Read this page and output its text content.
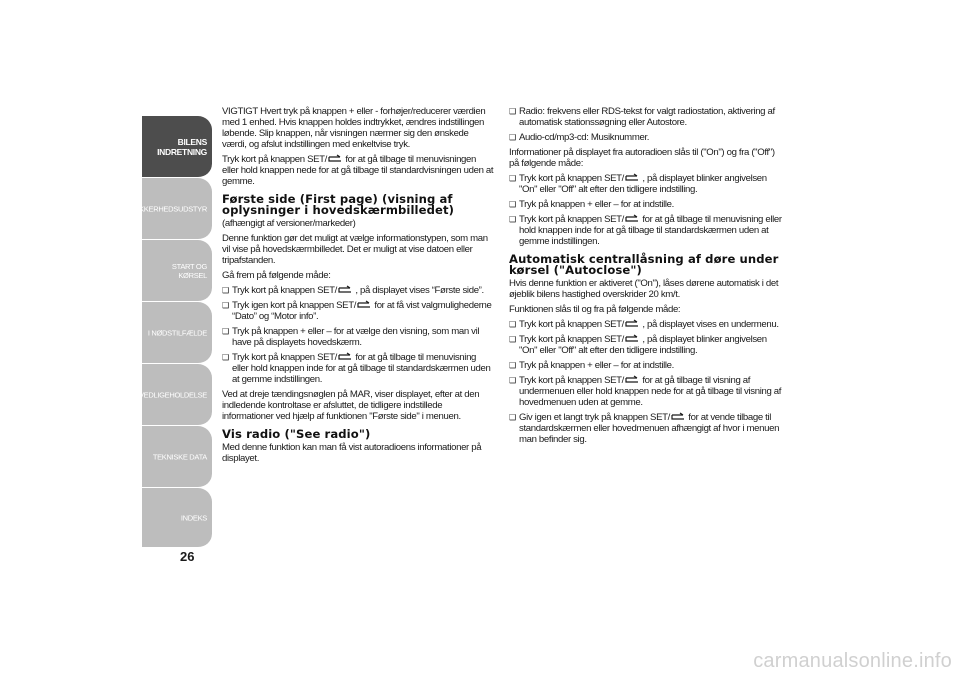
BILENS
INDRETNING
SIKKERHEDSUDSTYR
START OG KØRSEL
I NØDSTILFÆLDE
VEDLIGEHOLDELSE
TEKNISKE DATA
INDEKS
26

VIGTIGT Hvert tryk på knappen + eller - forhøjer/reducerer værdien med 1 enhed. Hvis knappen holdes indtrykket, ændres indstillingen løbende. Slip knappen, når visningen nærmer sig den ønskede værdi, og afslut indstillingen med enkeltvise tryk.

Tryk kort på knappen SET/
for at gå tilbage til menuvisningen eller hold knappen nede for at gå tilbage til standardvisningen uden at gemme.

Første side (First page) (visning af oplysninger i hovedskærmbilledet)

(afhængigt af versioner/markeder)

Denne funktion gør det muligt at vælge informationstypen, som man vil vise på hovedskærmbilledet. Det er muligt at vise datoen eller tripafstanden.

Gå frem på følgende måde:

❑ Tryk kort på knappen SET/
, på displayet vises “Første side”.
❑ Tryk igen kort på knappen SET/
for at få vist valgmulighederne “Dato” og “Motor info”.
❑ Tryk på knappen + eller – for at vælge den visning, som man vil have på displayets hovedskærm.
❑ Tryk kort på knappen SET/
for at gå tilbage til menuvisning eller hold knappen inde for at gå tilbage til standardskærmen uden at gemme indstillingen.

Ved at dreje tændingsnøglen på MAR, viser displayet, efter at den indledende kontroltase er afsluttet, de tidligere indstillede informationer ved hjælp af funktionen "Første side" i menuen.

Vis radio ("See radio")

Med denne funktion kan man få vist autoradioens informationer på displayet.

❑ Radio: frekvens eller RDS-tekst for valgt radiostation, aktivering af automatisk stationssøgning eller Autostore.
❑ Audio-cd/mp3-cd: Musiknummer.

Informationer på displayet fra autoradioen slås til ("On") og fra ("Off") på følgende måde:

❑ Tryk kort på knappen SET/
, på displayet blinker angivelsen "On" eller "Off" alt efter den tidligere indstilling.
❑ Tryk på knappen + eller – for at indstille.
❑ Tryk kort på knappen SET/
for at gå tilbage til menuvisning eller hold knappen inde for at gå tilbage til standardskærmen uden at gemme indstillingen.
Automatisk centrallåsning af døre under kørsel ("Autoclose")

Hvis denne funktion er aktiveret ("On"), låses dørene automatisk i det øjeblik bilens hastighed overskrider 20 km/t.

Funktionen slås til og fra på følgende måde:

❑ Tryk kort på knappen SET/
, på displayet vises en undermenu.
❑ Tryk kort på knappen SET/
, på displayet blinker angivelsen "On" eller "Off" alt efter den tidligere indstilling.
❑ Tryk på knappen + eller – for at indstille.
❑ Tryk kort på knappen SET/
for at gå tilbage til visning af undermenuen eller hold knappen nede for at gå tilbage til visning af hovedmenuen uden at gemme.
❑ Giv igen et langt tryk på knappen SET/
for at vende tilbage til standardskærmen eller hovedmenuen afhængigt af hvor i menuen man befinder sig.
carmanualsonline.info
